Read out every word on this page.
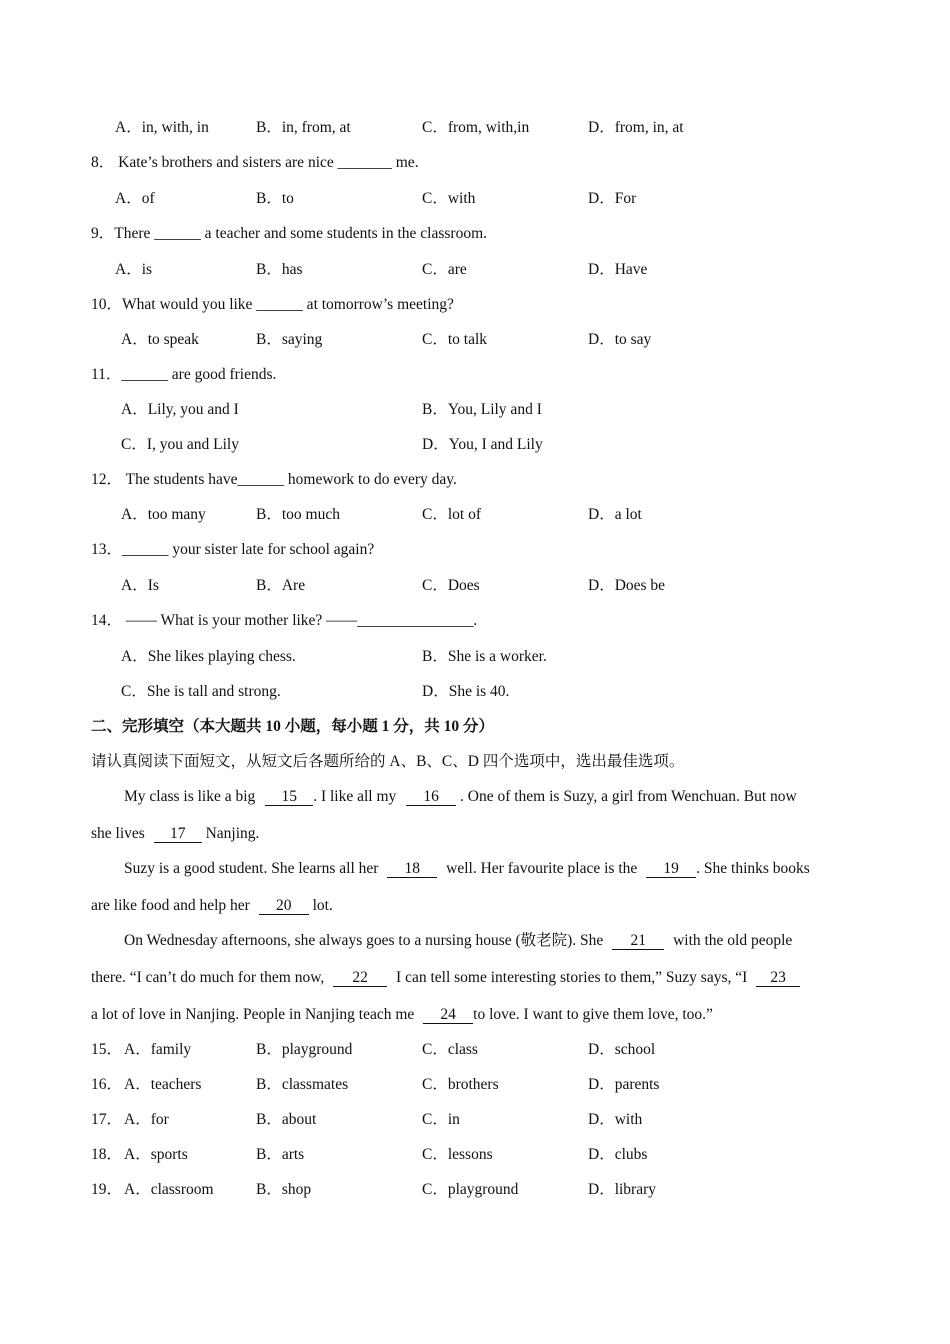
A．in, with, in	B．in, from, at	C．from, with,in	D．from, in, at
8． Kate’s brothers and sisters are nice _______ me.
A．of	B．to	C．with	D．For
9．There ______ a teacher and some students in the classroom.
A．is	B．has	C．are	D．Have
10．What would you like ______ at tomorrow’s meeting?
A．to speak	B．saying	C．to talk	D．to say
11．______ are good friends.
A．Lily, you and I	B．You, Lily and I
C．I, you and Lily	D．You, I and Lily
12． The students have______ homework to do every day.
A．too many	B．too much	C．lot of	D．a lot
13．______ your sister late for school again?
A．Is	B．Are	C．Does	D．Does be
14． —— What is your mother like? ——_______________.
A．She likes playing chess.	B．She is a worker.
C．She is tall and strong.	D．She is 40.
二、完形填空（本大题共 10 小题，每小题 1 分，共 10 分）
请认真阅读下面短文，从短文后各题所给的 A、B、C、D 四个选项中，选出最佳选项。
My class is like a big 15 . I like all my 16 . One of them is Suzy, a girl from Wenchuan. But now
she lives 17 Nanjing.
Suzy is a good student. She learns all her 18 well. Her favourite place is the 19 . She thinks books
are like food and help her 20 lot.
On Wednesday afternoons, she always goes to a nursing house (敬老院). She 21 with the old people
there. “I can’t do much for them now, 22 I can tell some interesting stories to them,” Suzy says, “I 23
a lot of love in Nanjing. People in Nanjing teach me 24 to love. I want to give them love, too.”
15． A．family	B．playground	C．class	D．school
16． A．teachers	B．classmates	C．brothers	D．parents
17． A．for	B．about	C．in	D．with
18． A．sports	B．arts	C．lessons	D．clubs
19． A．classroom	B．shop	C．playground	D．library
